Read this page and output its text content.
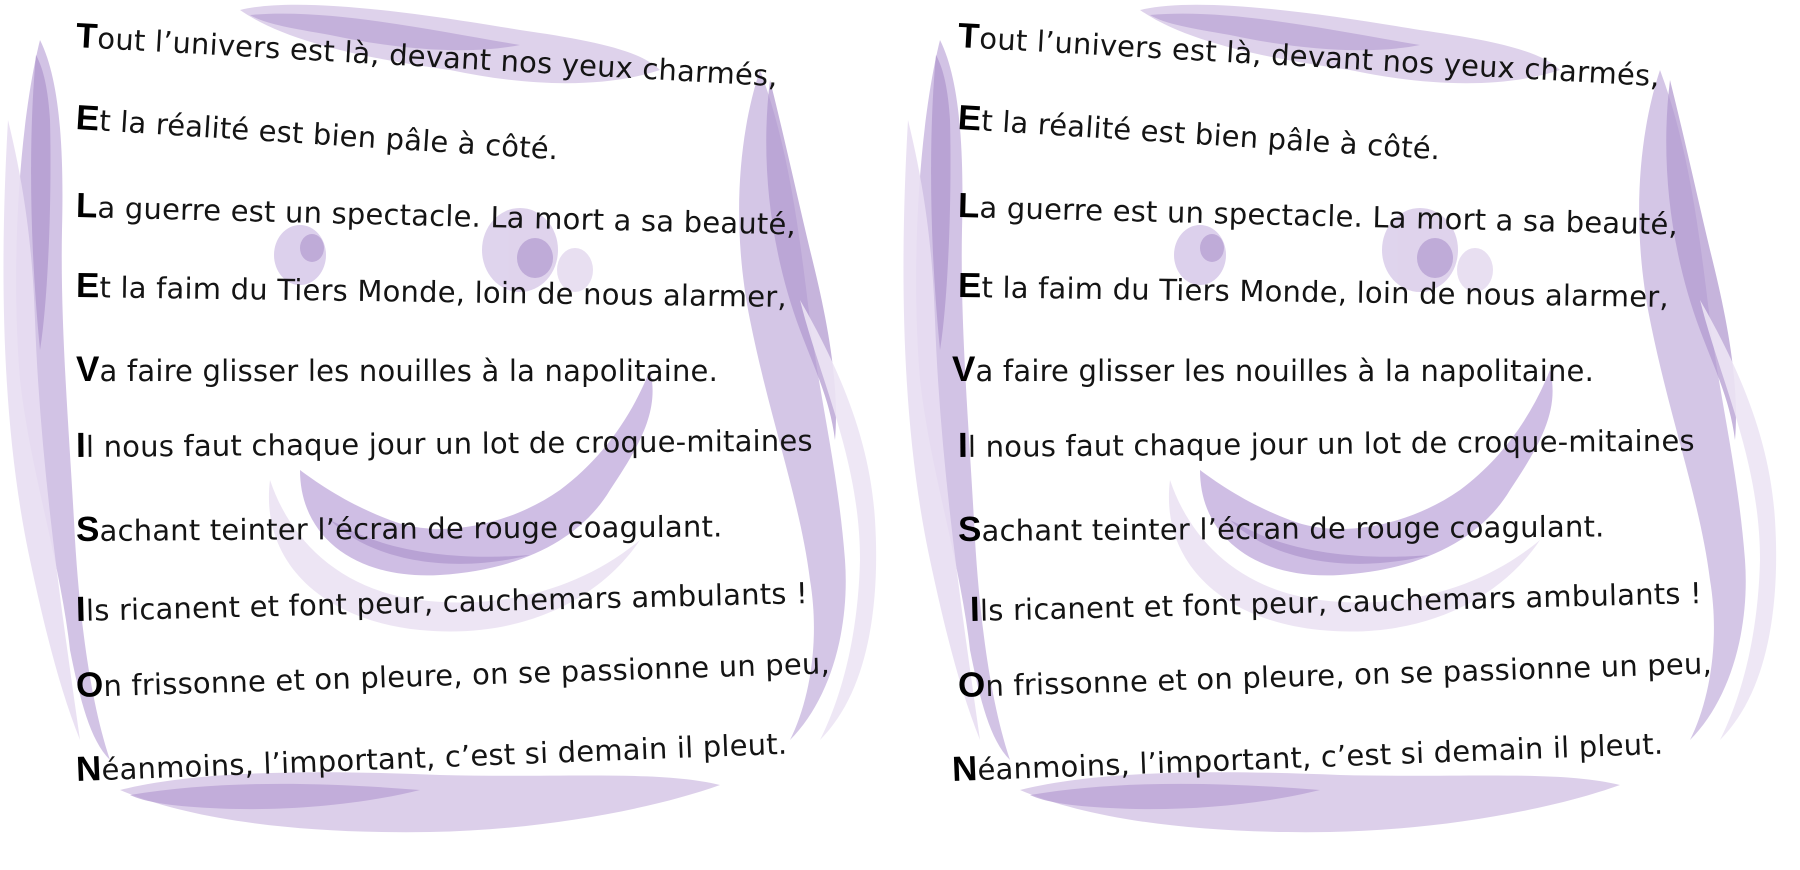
Tout l’univers est là, devant nos yeux charmés,
Et la réalité est bien pâle à côté.
La guerre est un spectacle. La mort a sa beauté,
Et la faim du Tiers Monde, loin de nous alarmer,
Va faire glisser les nouilles à la napolitaine.
Il nous faut chaque jour un lot de croque-mitaines
Sachant teinter l’écran de rouge coagulant.
Ils ricanent et font peur, cauchemars ambulants !
On frissonne et on pleure, on se passionne un peu,
Néanmoins, l’important, c’est si demain il pleut.
Tout l’univers est là, devant nos yeux charmés,
Et la réalité est bien pâle à côté.
La guerre est un spectacle. La mort a sa beauté,
Et la faim du Tiers Monde, loin de nous alarmer,
Va faire glisser les nouilles à la napolitaine.
Il nous faut chaque jour un lot de croque-mitaines
Sachant teinter l’écran de rouge coagulant.
Ils ricanent et font peur, cauchemars ambulants !
On frissonne et on pleure, on se passionne un peu,
Néanmoins, l’important, c’est si demain il pleut.
